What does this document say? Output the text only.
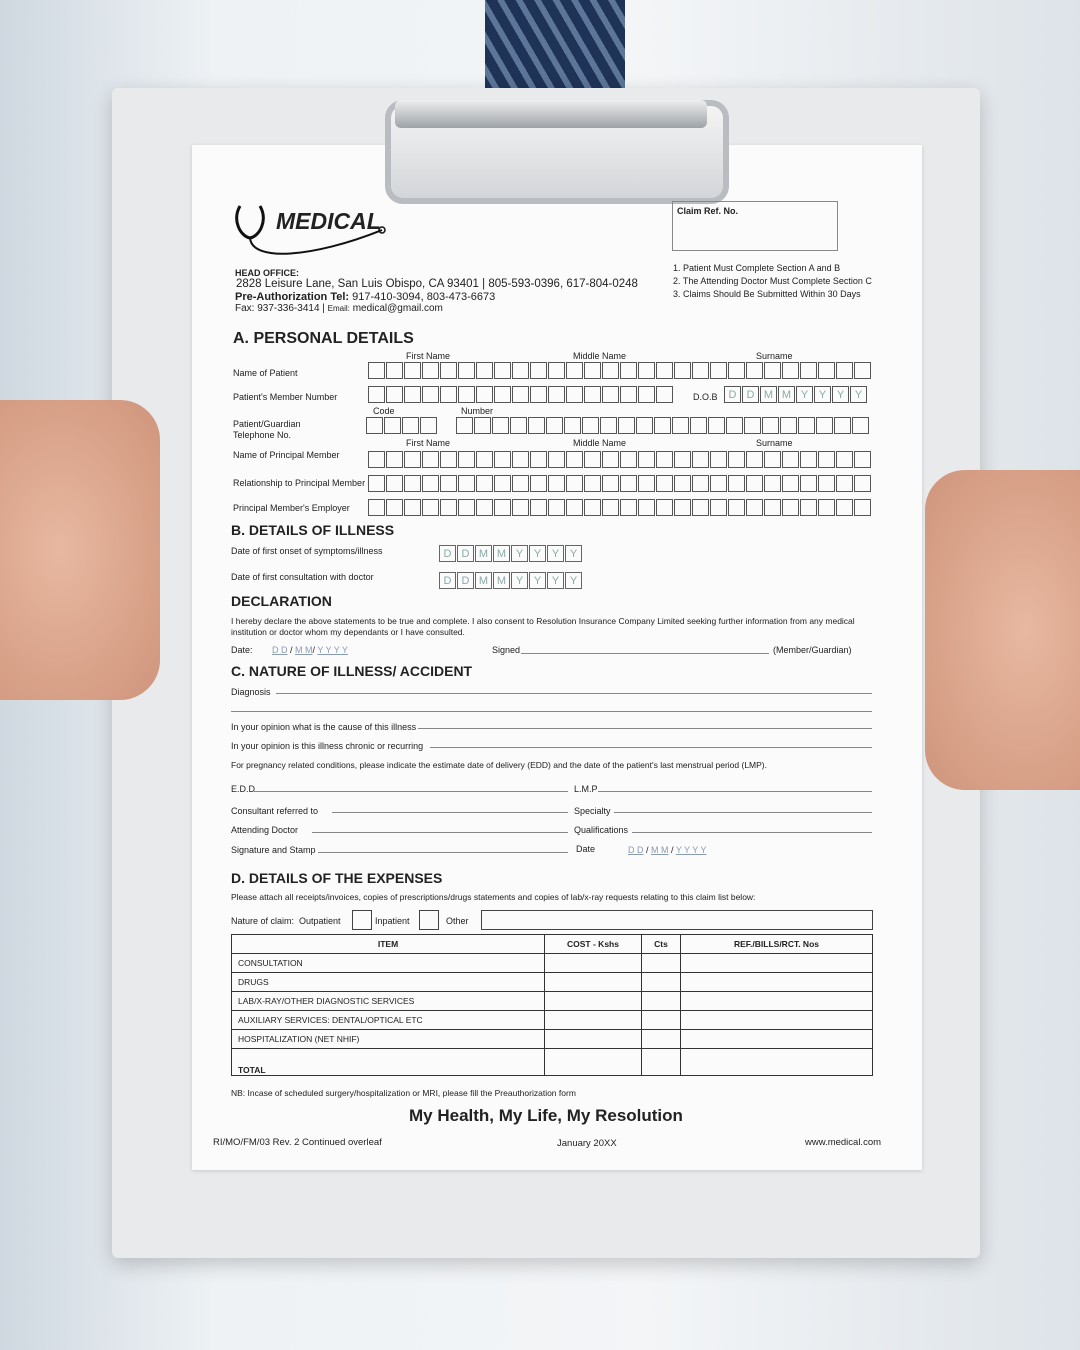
MEDICAL
HEAD OFFICE:
2828 Leisure Lane, San Luis Obispo, CA 93401 | 805-593-0396, 617-804-0248
Pre-Authorization Tel: 917-410-3094, 803-473-6673
Fax: 937-336-3414 | Email: medical@gmail.com
Claim Ref. No.
1. Patient Must Complete Section A and B
2. The Attending Doctor Must Complete Section C
3. Claims Should Be Submitted Within 30 Days
A. PERSONAL DETAILS
First Name	Middle Name	Surname
Name of Patient
Patient's Member Number	D.O.B	D D M M Y Y Y Y
Code	Number
Patient/Guardian
Telephone No.
First Name	Middle Name	Surname
Name of Principal Member
Relationship to Principal Member
Principal Member's Employer
B. DETAILS OF ILLNESS
Date of first onset of symptoms/illness	D D M M Y Y Y Y
Date of first consultation with doctor	D D M M Y Y Y Y
DECLARATION
I hereby declare the above statements to be true and complete. I also consent to Resolution Insurance Company Limited seeking further information from any medical
institution or doctor whom my dependants or I have consulted.
Date: D D / M M/ Y Y Y Y	Signed	(Member/Guardian)
C. NATURE OF ILLNESS/ ACCIDENT
Diagnosis
In your opinion what is the cause of this illness
In your opinion is this illness chronic or recurring
For pregnancy related conditions, please indicate the estimate date of delivery (EDD) and the date of the patient's last menstrual period (LMP).
E.D.D	L.M.P
Consultant referred to	Specialty
Attending Doctor	Qualifications
Signature and Stamp	Date	D D / M M / Y Y Y Y
D. DETAILS OF THE EXPENSES
Please attach all receipts/invoices, copies of prescriptions/drugs statements and copies of lab/x-ray requests relating to this claim list below:
Nature of claim: Outpatient	Inpatient	Other
ITEM	COST - Kshs	Cts	REF./BILLS/RCT. Nos
CONSULTATION			
DRUGS			
LAB/X-RAY/OTHER DIAGNOSTIC SERVICES			
AUXILIARY SERVICES: DENTAL/OPTICAL ETC			
HOSPITALIZATION (NET NHIF)			
TOTAL			
NB: Incase of scheduled surgery/hospitalization or MRI, please fill the Preauthorization form
My Health, My Life, My Resolution
RI/MO/FM/03 Rev. 2 Continued overleaf	January 20XX	www.medical.com
